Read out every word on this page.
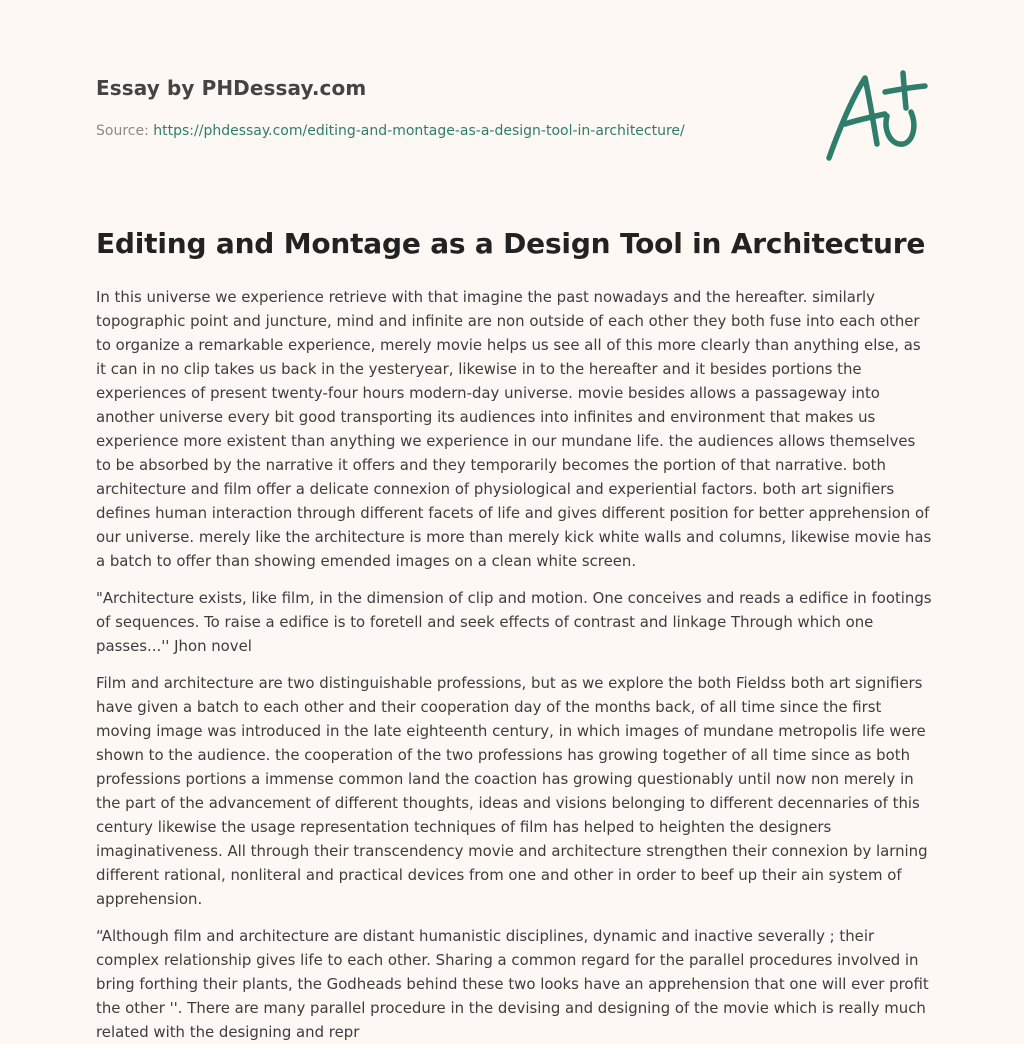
Essay by PHDessay.com
Source: https://phdessay.com/editing-and-montage-as-a-design-tool-in-architecture/
Editing and Montage as a Design Tool in Architecture

In this universe we experience retrieve with that imagine the past nowadays and the hereafter. similarly topographic point and juncture, mind and infinite are non outside of each other they both fuse into each other to organize a remarkable experience, merely movie helps us see all of this more clearly than anything else, as it can in no clip takes us back in the yesteryear, likewise in to the hereafter and it besides portions the experiences of present twenty-four hours modern-day universe. movie besides allows a passageway into another universe every bit good transporting its audiences into infinites and environment that makes us experience more existent than anything we experience in our mundane life. the audiences allows themselves to be absorbed by the narrative it offers and they temporarily becomes the portion of that narrative. both architecture and film offer a delicate connexion of physiological and experiential factors. both art signifiers defines human interaction through different facets of life and gives different position for better apprehension of our universe. merely like the architecture is more than merely kick white walls and columns, likewise movie has a batch to offer than showing emended images on a clean white screen.

"Architecture exists, like film, in the dimension of clip and motion. One conceives and reads a edifice in footings of sequences. To raise a edifice is to foretell and seek effects of contrast and linkage Through which one passes...'' Jhon novel

Film and architecture are two distinguishable professions, but as we explore the both Fieldss both art signifiers have given a batch to each other and their cooperation day of the months back, of all time since the first moving image was introduced in the late eighteenth century, in which images of mundane metropolis life were shown to the audience. the cooperation of the two professions has growing together of all time since as both professions portions a immense common land the coaction has growing questionably until now non merely in the part of the advancement of different thoughts, ideas and visions belonging to different decennaries of this century likewise the usage representation techniques of film has helped to heighten the designers imaginativeness. All through their transcendency movie and architecture strengthen their connexion by larning different rational, nonliteral and practical devices from one and other in order to beef up their ain system of apprehension.

“Although film and architecture are distant humanistic disciplines, dynamic and inactive severally ; their complex relationship gives life to each other. Sharing a common regard for the parallel procedures involved in bring forthing their plants, the Godheads behind these two looks have an apprehension that one will ever profit the other ''. There are many parallel procedure in the devising and designing of the movie which is really much related with the designing and repr
